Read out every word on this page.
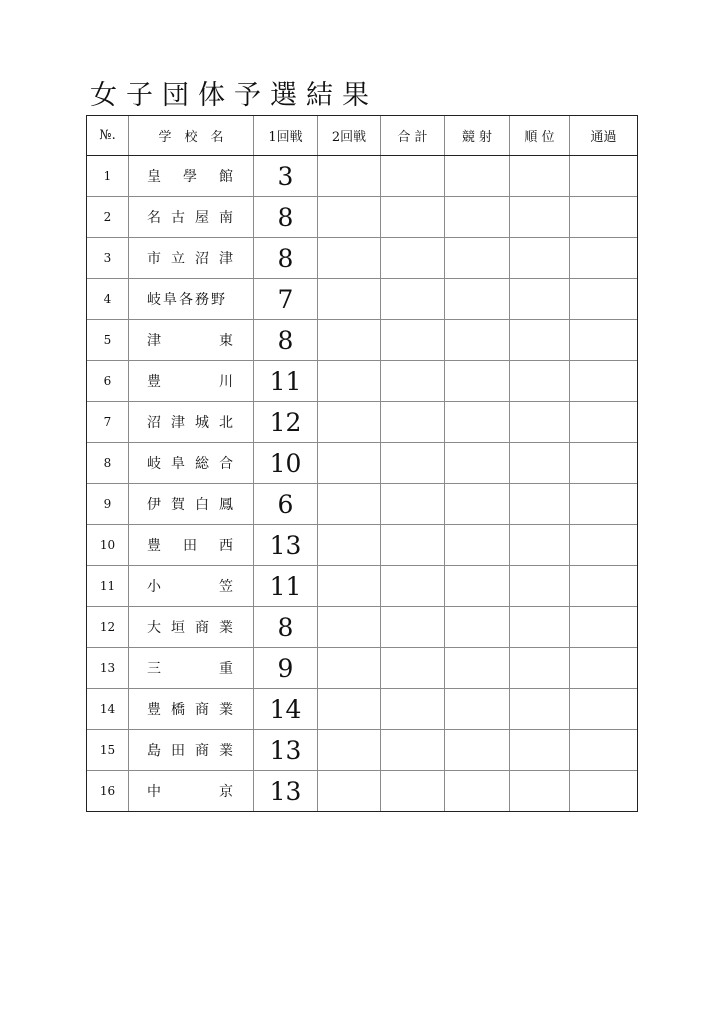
女子団体予選結果
№.	学　校　名	1回戦	2回戦	合 計	競 射	順 位	通過
1	皇 學 館	3					
2	名 古 屋 南	8					
3	市 立 沼 津	8					
4	岐阜各務野	7					
5	津 東	8					
6	豊 川	11					
7	沼 津 城 北	12					
8	岐 阜 総 合	10					
9	伊 賀 白 鳳	6					
10	豊 田 西	13					
11	小 笠	11					
12	大 垣 商 業	8					
13	三 重	9					
14	豊 橋 商 業	14					
15	島 田 商 業	13					
16	中 京	13					
